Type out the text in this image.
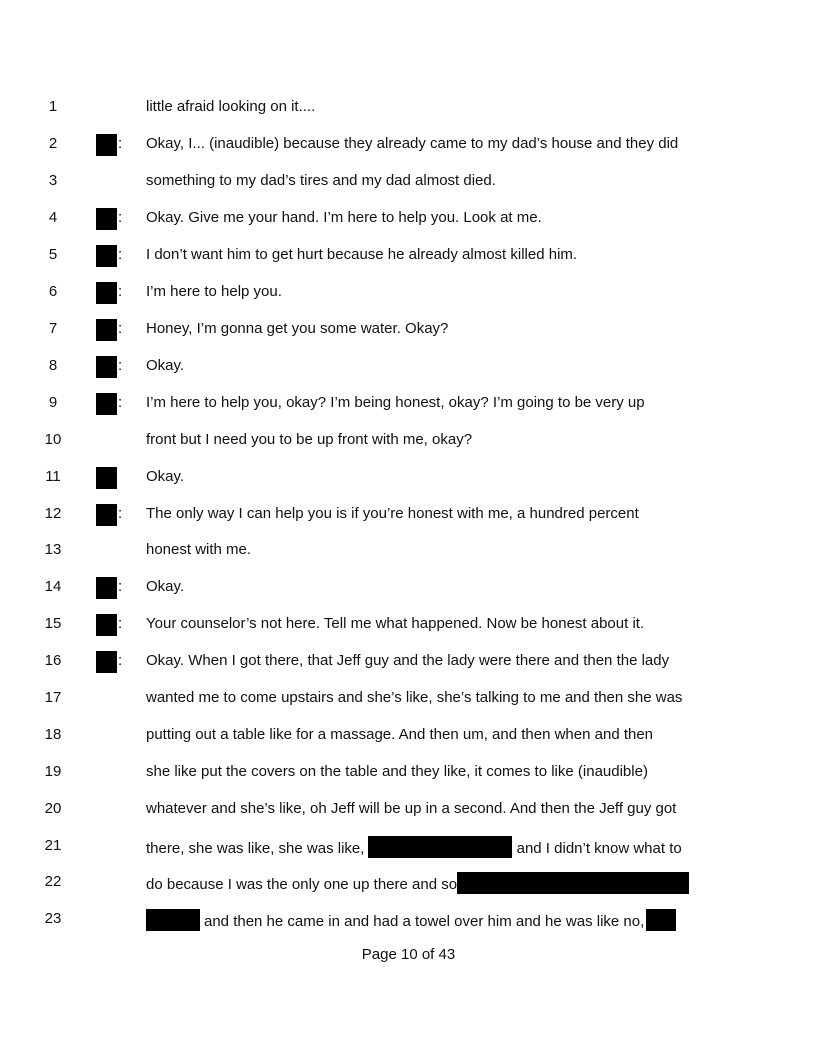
1	little afraid looking on it....
2	: Okay, I... (inaudible) because they already came to my dad’s house and they did
3	something to my dad’s tires and my dad almost died.
4	: Okay. Give me your hand. I’m here to help you. Look at me.
5	: I don’t want him to get hurt because he already almost killed him.
6	: I’m here to help you.
7	: Honey, I’m gonna get you some water. Okay?
8	: Okay.
9	: I’m here to help you, okay? I’m being honest, okay? I’m going to be very up
10	front but I need you to be up front with me, okay?
11	Okay.
12	: The only way I can help you is if you’re honest with me, a hundred percent
13	honest with me.
14	: Okay.
15	: Your counselor’s not here. Tell me what happened. Now be honest about it.
16	: Okay. When I got there, that Jeff guy and the lady were there and then the lady
17	wanted me to come upstairs and she’s like, she’s talking to me and then she was
18	putting out a table like for a massage. And then um, and then when and then
19	she like put the covers on the table and they like, it comes to like (inaudible)
20	whatever and she’s like, oh Jeff will be up in a second. And then the Jeff guy got
21	there, she was like, she was like,	and I didn’t know what to
22	do because I was the only one up there and so
23	and then he came in and had a towel over him and he was like no,
Page 10 of 43
